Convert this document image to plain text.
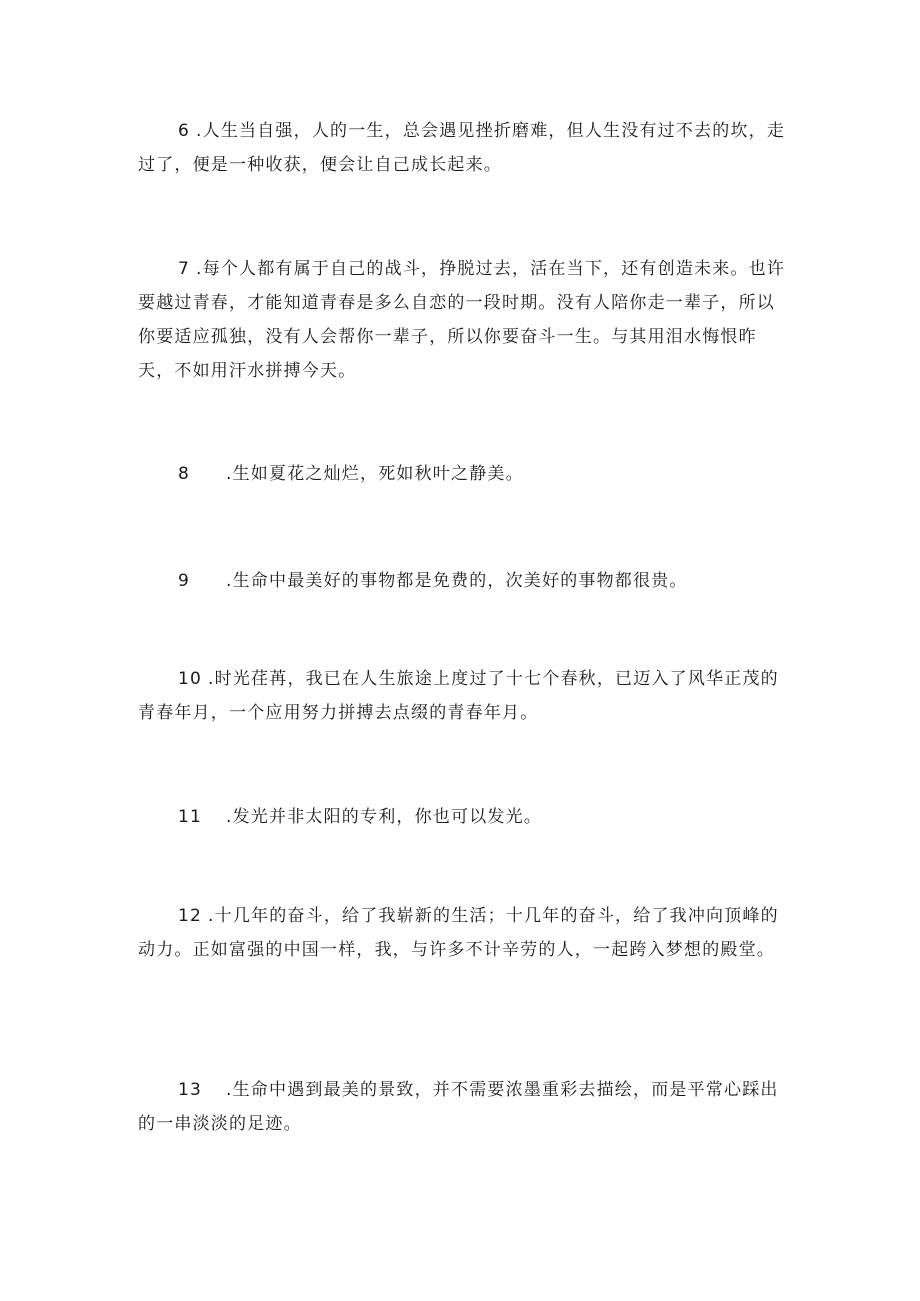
6 .人生当自强，人的一生，总会遇见挫折磨难，但人生没有过不去的坎，走过了，便是一种收获，便会让自己成长起来。

7 .每个人都有属于自己的战斗，挣脱过去，活在当下，还有创造未来。也许要越过青春，才能知道青春是多么自恋的一段时期。没有人陪你走一辈子，所以你要适应孤独，没有人会帮你一辈子，所以你要奋斗一生。与其用泪水悔恨昨天，不如用汗水拼搏今天。

8 .生如夏花之灿烂，死如秋叶之静美。

9 .生命中最美好的事物都是免费的，次美好的事物都很贵。

10 .时光荏苒，我已在人生旅途上度过了十七个春秋，已迈入了风华正茂的青春年月，一个应用努力拼搏去点缀的青春年月。

11 .发光并非太阳的专利，你也可以发光。

12 .十几年的奋斗，给了我崭新的生活；十几年的奋斗，给了我冲向顶峰的动力。正如富强的中国一样，我，与许多不计辛劳的人，一起跨入梦想的殿堂。

13 .生命中遇到最美的景致，并不需要浓墨重彩去描绘，而是平常心踩出的一串淡淡的足迹。
